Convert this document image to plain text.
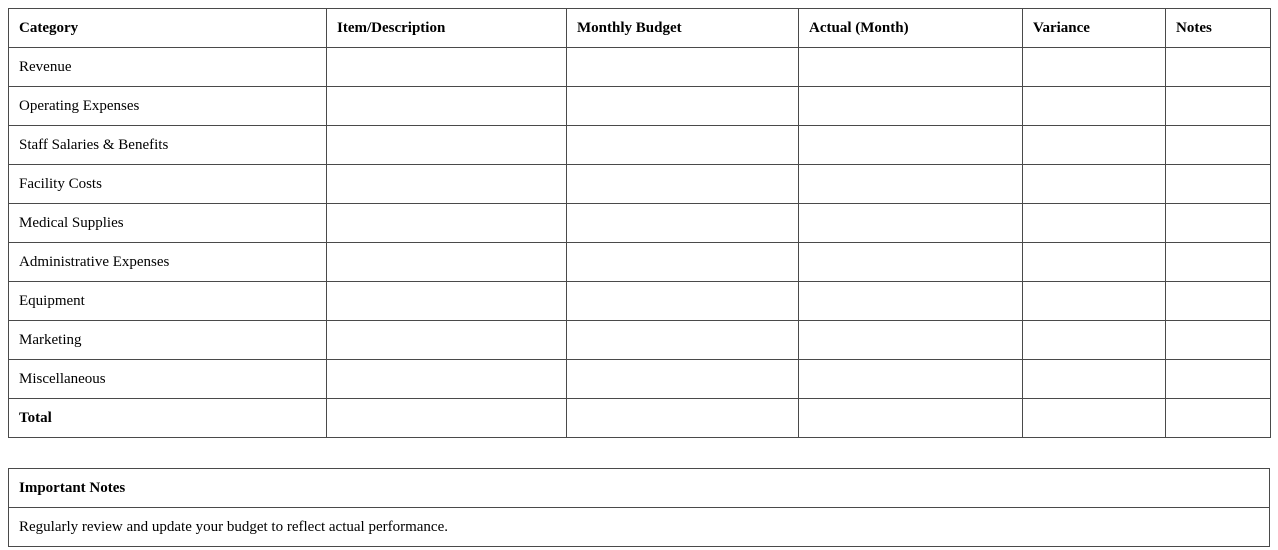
Category	Item/Description	Monthly Budget	Actual (Month)	Variance	Notes
Revenue					
Operating Expenses					
Staff Salaries & Benefits					
Facility Costs					
Medical Supplies					
Administrative Expenses					
Equipment					
Marketing					
Miscellaneous					
Total					
Important Notes
Regularly review and update your budget to reflect actual performance.
